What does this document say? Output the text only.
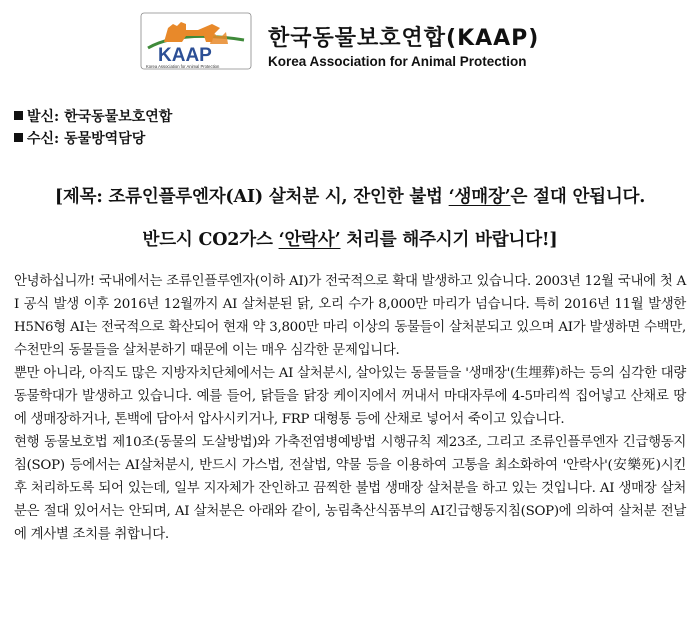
KAAP
Korea Association for Animal Protection
한국동물보호연합(KAAP)
Korea Association for Animal Protection
발신: 한국동물보호연합
수신: 동물방역담당
[제목: 조류인플루엔자(AI) 살처분 시, 잔인한 불법 ‘생매장’은 절대 안됩니다.
반드시 CO2가스 ‘안락사’ 처리를 해주시기 바랍니다!]

안녕하십니까! 국내에서는 조류인플루엔자(이하 AI)가 전국적으로 확대 발생하고 있습니다. 2003년 12월 국내에 첫 AI 공식 발생 이후 2016년 12월까지 AI 살처분된 닭, 오리 수가 8,000만 마리가 넘습니다. 특히 2016년 11월 발생한 H5N6형 AI는 전국적으로 확산되어 현재 약 3,800만 마리 이상의 동물들이 살처분되고 있으며 AI가 발생하면 수백만, 수천만의 동물들을 살처분하기 때문에 이는 매우 심각한 문제입니다.

뿐만 아니라, 아직도 많은 지방자치단체에서는 AI 살처분시, 살아있는 동물들을 '생매장'(生埋葬)하는 등의 심각한 대량 동물학대가 발생하고 있습니다. 예를 들어, 닭들을 닭장 케이지에서 꺼내서 마대자루에 4-5마리씩 집어넣고 산채로 땅에 생매장하거나, 톤백에 담아서 압사시키거나, FRP 대형통 등에 산채로 넣어서 죽이고 있습니다.

현행 동물보호법 제10조(동물의 도살방법)와 가축전염병예방법 시행규칙 제23조, 그리고 조류인플루엔자 긴급행동지침(SOP) 등에서는 AI살처분시, 반드시 가스법, 전살법, 약물 등을 이용하여 고통을 최소화하여 '안락사'(安樂死)시킨 후 처리하도록 되어 있는데, 일부 지자체가 잔인하고 끔찍한 불법 생매장 살처분을 하고 있는 것입니다. AI 생매장 살처분은 절대 있어서는 안되며, AI 살처분은 아래와 같이, 농림축산식품부의 AI긴급행동지침(SOP)에 의하여 살처분 전날에 계사별 조치를 취합니다.
